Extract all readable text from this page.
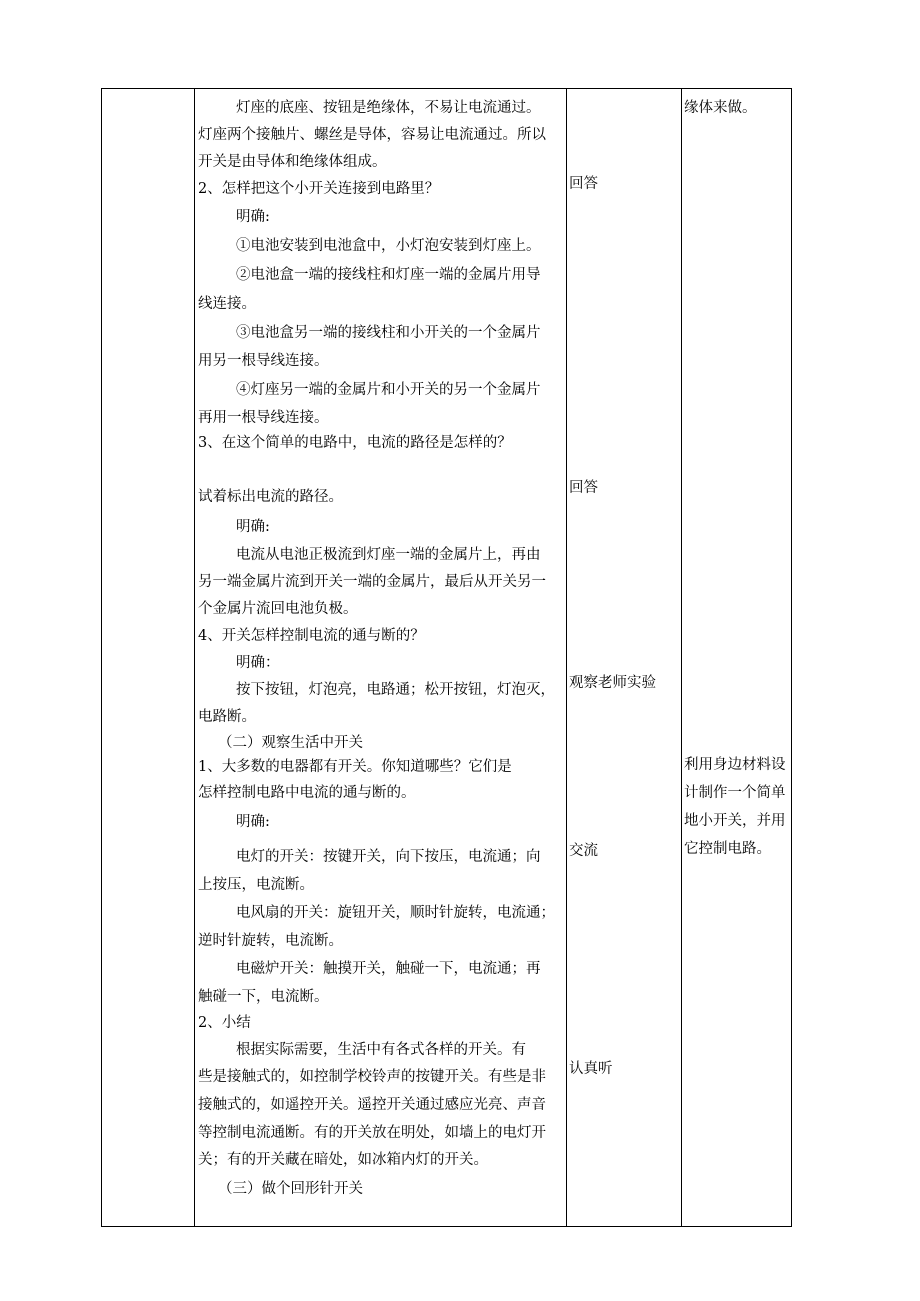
灯座的底座、按钮是绝缘体，不易让电流通过。
灯座两个接触片、螺丝是导体，容易让电流通过。所以
开关是由导体和绝缘体组成。
2、怎样把这个小开关连接到电路里？
明确:
①电池安装到电池盒中，小灯泡安装到灯座上。
②电池盒一端的接线柱和灯座一端的金属片用导
线连接。
③电池盒另一端的接线柱和小开关的一个金属片
用另一根导线连接。
④灯座另一端的金属片和小开关的另一个金属片
再用一根导线连接。
3、在这个简单的电路中，电流的路径是怎样的？
试着标出电流的路径。
明确:
电流从电池正极流到灯座一端的金属片上，再由
另一端金属片流到开关一端的金属片，最后从开关另一
个金属片流回电池负极。
4、开关怎样控制电流的通与断的？
明确：
按下按钮，灯泡亮，电路通；松开按钮，灯泡灭，
电路断。
（二）观察生活中开关
1、大多数的电器都有开关。你知道哪些？它们是
怎样控制电路中电流的通与断的。
明确:
电灯的开关：按键开关，向下按压，电流通；向
上按压，电流断。
电风扇的开关：旋钮开关，顺时针旋转，电流通；
逆时针旋转，电流断。
电磁炉开关：触摸开关，触碰一下，电流通；再
触碰一下，电流断。
2、小结
根据实际需要，生活中有各式各样的开关。有
些是接触式的，如控制学校铃声的按键开关。有些是非
接触式的，如遥控开关。遥控开关通过感应光亮、声音
等控制电流通断。有的开关放在明处，如墙上的电灯开
关；有的开关藏在暗处，如冰箱内灯的开关。
（三）做个回形针开关
回答
回答
观察老师实验
交流
认真听
缘体来做。
利用身边材料设
计制作一个简单
地小开关，并用
它控制电路。
